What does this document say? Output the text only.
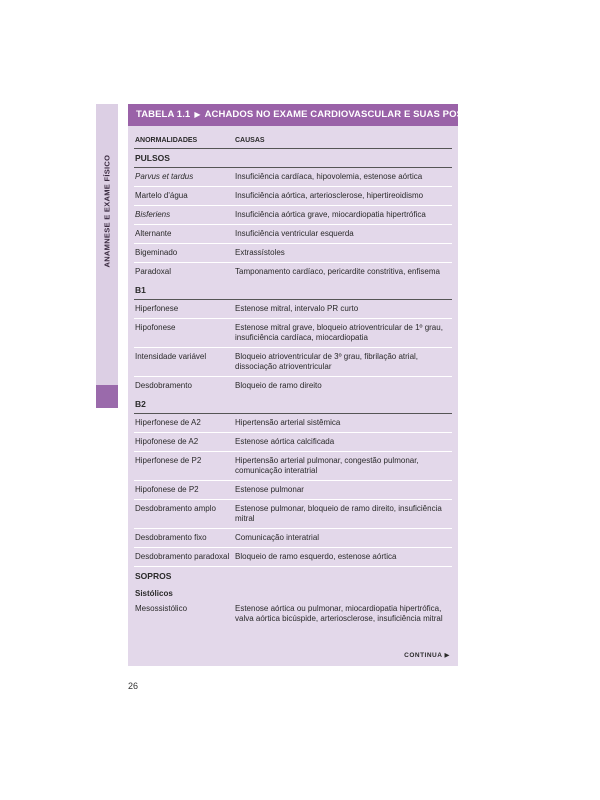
ANAMNESE E EXAME FÍSICO
TABELA 1.1 ▶ ACHADOS NO EXAME CARDIOVASCULAR E SUAS POSSÍVEIS CAUSAS
ANORMALIDADES	CAUSAS
PULSOS
Parvus et tardus	Insuficiência cardíaca, hipovolemia, estenose aórtica
Martelo d'água	Insuficiência aórtica, arteriosclerose, hipertireoidismo
Bisferiens	Insuficiência aórtica grave, miocardiopatia hipertrófica
Alternante	Insuficiência ventricular esquerda
Bigeminado	Extrassístoles
Paradoxal	Tamponamento cardíaco, pericardite constritiva, enfisema
B1
Hiperfonese	Estenose mitral, intervalo PR curto
Hipofonese	Estenose mitral grave, bloqueio atrioventricular de 1º grau, insuficiência cardíaca, miocardiopatia
Intensidade variável	Bloqueio atrioventricular de 3º grau, fibrilação atrial, dissociação atrioventricular
Desdobramento	Bloqueio de ramo direito
B2
Hiperfonese de A2	Hipertensão arterial sistêmica
Hipofonese de A2	Estenose aórtica calcificada
Hiperfonese de P2	Hipertensão arterial pulmonar, congestão pulmonar, comunicação interatrial
Hipofonese de P2	Estenose pulmonar
Desdobramento amplo	Estenose pulmonar, bloqueio de ramo direito, insuficiência mitral
Desdobramento fixo	Comunicação interatrial
Desdobramento paradoxal Bloqueio de ramo esquerdo, estenose aórtica
SOPROS
Sistólicos
Mesossistólico	Estenose aórtica ou pulmonar, miocardiopatia hipertrófica, valva aórtica bicúspide, arteriosclerose, insuficiência mitral
CONTINUA ▶
26
